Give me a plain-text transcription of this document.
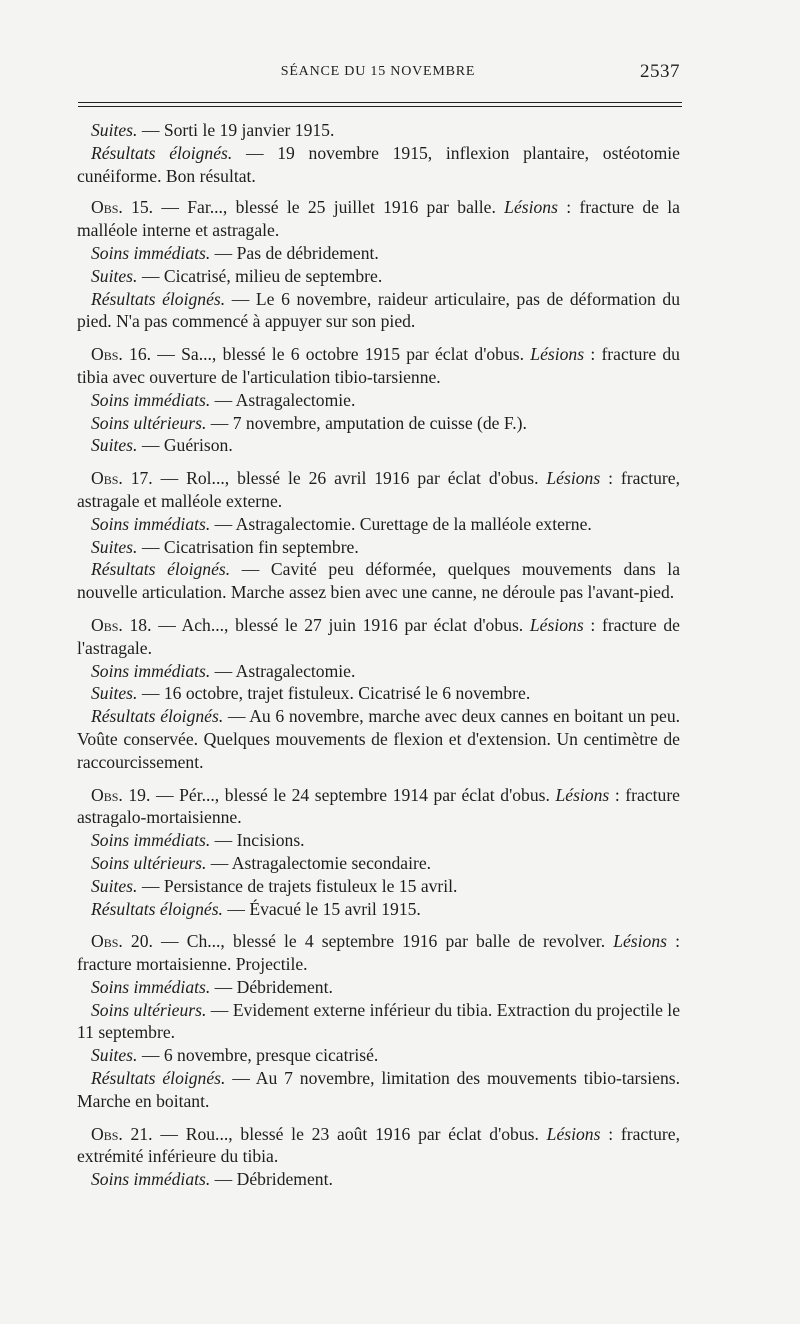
SÉANCE DU 15 NOVEMBRE	2537

Suites. — Sorti le 19 janvier 1915.

Résultats éloignés. — 19 novembre 1915, inflexion plantaire, ostéotomie cunéiforme. Bon résultat.

Obs. 15. — Far..., blessé le 25 juillet 1916 par balle. Lésions : fracture de la malléole interne et astragale.

Soins immédiats. — Pas de débridement.

Suites. — Cicatrisé, milieu de septembre.

Résultats éloignés. — Le 6 novembre, raideur articulaire, pas de déformation du pied. N'a pas commencé à appuyer sur son pied.

Obs. 16. — Sa..., blessé le 6 octobre 1915 par éclat d'obus. Lésions : fracture du tibia avec ouverture de l'articulation tibio-tarsienne.

Soins immédiats. — Astragalectomie.

Soins ultérieurs. — 7 novembre, amputation de cuisse (de F.).

Suites. — Guérison.

Obs. 17. — Rol..., blessé le 26 avril 1916 par éclat d'obus. Lésions : fracture, astragale et malléole externe.

Soins immédiats. — Astragalectomie. Curettage de la malléole externe.

Suites. — Cicatrisation fin septembre.

Résultats éloignés. — Cavité peu déformée, quelques mouvements dans la nouvelle articulation. Marche assez bien avec une canne, ne déroule pas l'avant-pied.

Obs. 18. — Ach..., blessé le 27 juin 1916 par éclat d'obus. Lésions : fracture de l'astragale.

Soins immédiats. — Astragalectomie.

Suites. — 16 octobre, trajet fistuleux. Cicatrisé le 6 novembre.

Résultats éloignés. — Au 6 novembre, marche avec deux cannes en boitant un peu. Voûte conservée. Quelques mouvements de flexion et d'extension. Un centimètre de raccourcissement.

Obs. 19. — Pér..., blessé le 24 septembre 1914 par éclat d'obus. Lésions : fracture astragalo-mortaisienne.

Soins immédiats. — Incisions.

Soins ultérieurs. — Astragalectomie secondaire.

Suites. — Persistance de trajets fistuleux le 15 avril.

Résultats éloignés. — Évacué le 15 avril 1915.

Obs. 20. — Ch..., blessé le 4 septembre 1916 par balle de revolver. Lésions : fracture mortaisienne. Projectile.

Soins immédiats. — Débridement.

Soins ultérieurs. — Evidement externe inférieur du tibia. Extraction du projectile le 11 septembre.

Suites. — 6 novembre, presque cicatrisé.

Résultats éloignés. — Au 7 novembre, limitation des mouvements tibio-tarsiens. Marche en boitant.

Obs. 21. — Rou..., blessé le 23 août 1916 par éclat d'obus. Lésions : fracture, extrémité inférieure du tibia.

Soins immédiats. — Débridement.
